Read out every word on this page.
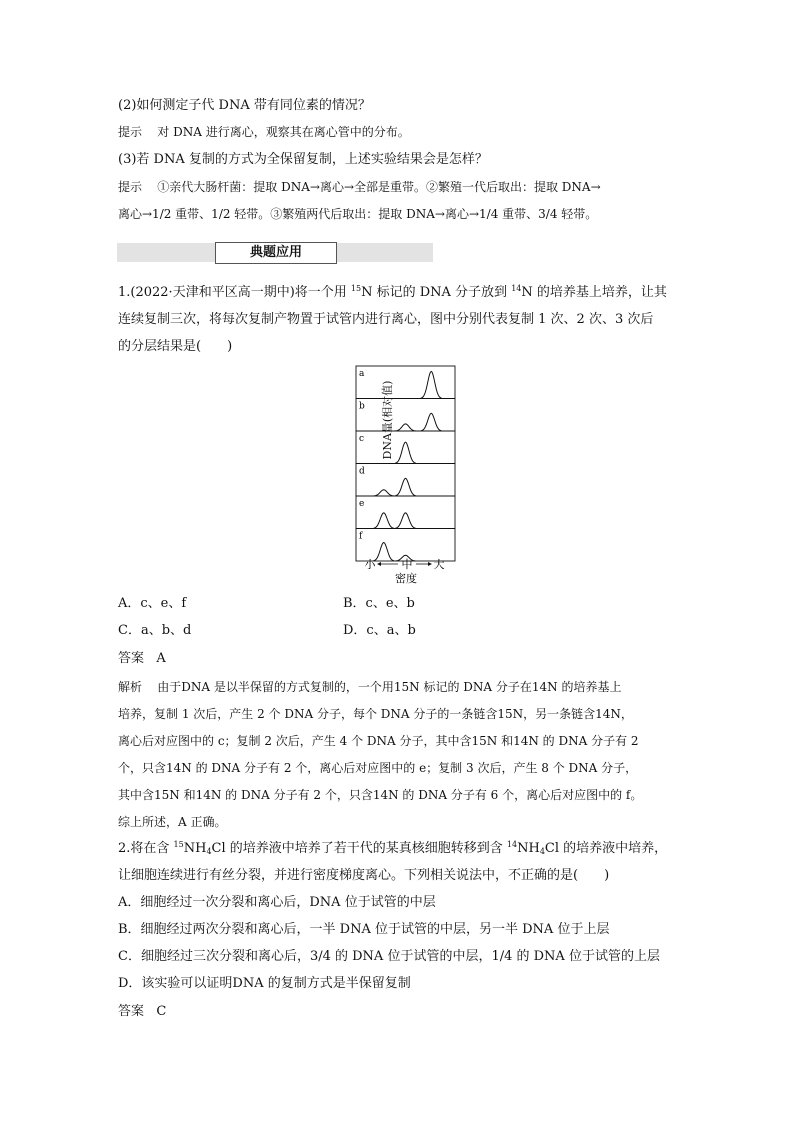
(2)如何测定子代 DNA 带有同位素的情况？
提示 对 DNA 进行离心，观察其在离心管中的分布。
(3)若 DNA 复制的方式为全保留复制，上述实验结果会是怎样？
提示 ①亲代大肠杆菌：提取 DNA→离心→全部是重带。②繁殖一代后取出：提取 DNA→
离心→1/2 重带、1/2 轻带。③繁殖两代后取出：提取 DNA→离心→1/4 重带、3/4 轻带。
典题应用
1.(2022·天津和平区高一期中)将一个用 $^{15}$N 标记的 DNA 分子放到 $^{14}$N 的培养基上培养，让其
连续复制三次，将每次复制产物置于试管内进行离心，图中分别代表复制 1 次、2 次、3 次后
的分层结果是(　　)
DNA量(相对值)
a
b
c
d
e
f
小 中 大
密度
A．c、e、f	B．c、e、b
C．a、b、d	D．c、a、b
答案 A
解析 由于DNA 是以半保留的方式复制的，一个用15N 标记的 DNA 分子在14N 的培养基上
培养，复制 1 次后，产生 2 个 DNA 分子，每个 DNA 分子的一条链含15N，另一条链含14N，
离心后对应图中的 c；复制 2 次后，产生 4 个 DNA 分子，其中含15N 和14N 的 DNA 分子有 2
个，只含14N 的 DNA 分子有 2 个，离心后对应图中的 e；复制 3 次后，产生 8 个 DNA 分子，
其中含15N 和14N 的 DNA 分子有 2 个，只含14N 的 DNA 分子有 6 个，离心后对应图中的 f。
综上所述，A 正确。
2.将在含 $^{15}NH_4Cl$ 的培养液中培养了若干代的某真核细胞转移到含 $^{14}NH_4Cl$ 的培养液中培养，
让细胞连续进行有丝分裂，并进行密度梯度离心。下列相关说法中，不正确的是(　　)
A．细胞经过一次分裂和离心后，DNA 位于试管的中层
B．细胞经过两次分裂和离心后，一半 DNA 位于试管的中层，另一半 DNA 位于上层
C．细胞经过三次分裂和离心后，3/4 的 DNA 位于试管的中层，1/4 的 DNA 位于试管的上层
D．该实验可以证明DNA 的复制方式是半保留复制
答案 C
